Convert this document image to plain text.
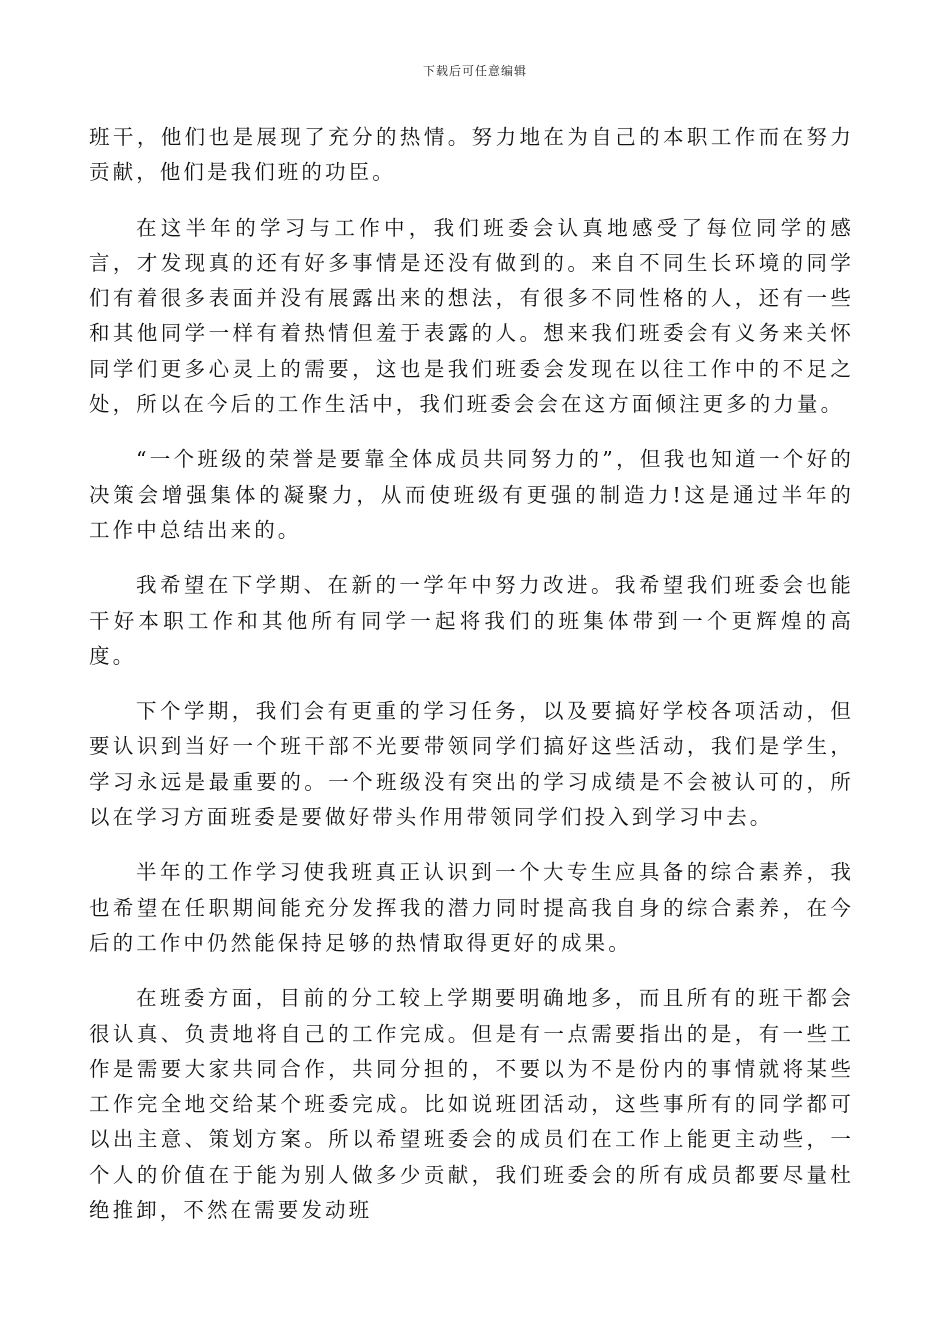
下载后可任意编辑

班干，他们也是展现了充分的热情。努力地在为自己的本职工作而在努力贡献，他们是我们班的功臣。

在这半年的学习与工作中，我们班委会认真地感受了每位同学的感言，才发现真的还有好多事情是还没有做到的。来自不同生长环境的同学们有着很多表面并没有展露出来的想法，有很多不同性格的人，还有一些和其他同学一样有着热情但羞于表露的人。想来我们班委会有义务来关怀同学们更多心灵上的需要，这也是我们班委会发现在以往工作中的不足之处，所以在今后的工作生活中，我们班委会会在这方面倾注更多的力量。

“一个班级的荣誉是要靠全体成员共同努力的”，但我也知道一个好的决策会增强集体的凝聚力，从而使班级有更强的制造力!这是通过半年的工作中总结出来的。

我希望在下学期、在新的一学年中努力改进。我希望我们班委会也能干好本职工作和其他所有同学一起将我们的班集体带到一个更辉煌的高度。

下个学期，我们会有更重的学习任务，以及要搞好学校各项活动，但要认识到当好一个班干部不光要带领同学们搞好这些活动，我们是学生，学习永远是最重要的。一个班级没有突出的学习成绩是不会被认可的，所以在学习方面班委是要做好带头作用带领同学们投入到学习中去。

半年的工作学习使我班真正认识到一个大专生应具备的综合素养，我也希望在任职期间能充分发挥我的潜力同时提高我自身的综合素养，在今后的工作中仍然能保持足够的热情取得更好的成果。

在班委方面，目前的分工较上学期要明确地多，而且所有的班干都会很认真、负责地将自己的工作完成。但是有一点需要指出的是，有一些工作是需要大家共同合作，共同分担的，不要以为不是份内的事情就将某些工作完全地交给某个班委完成。比如说班团活动，这些事所有的同学都可以出主意、策划方案。所以希望班委会的成员们在工作上能更主动些，一个人的价值在于能为别人做多少贡献，我们班委会的所有成员都要尽量杜绝推卸，不然在需要发动班
